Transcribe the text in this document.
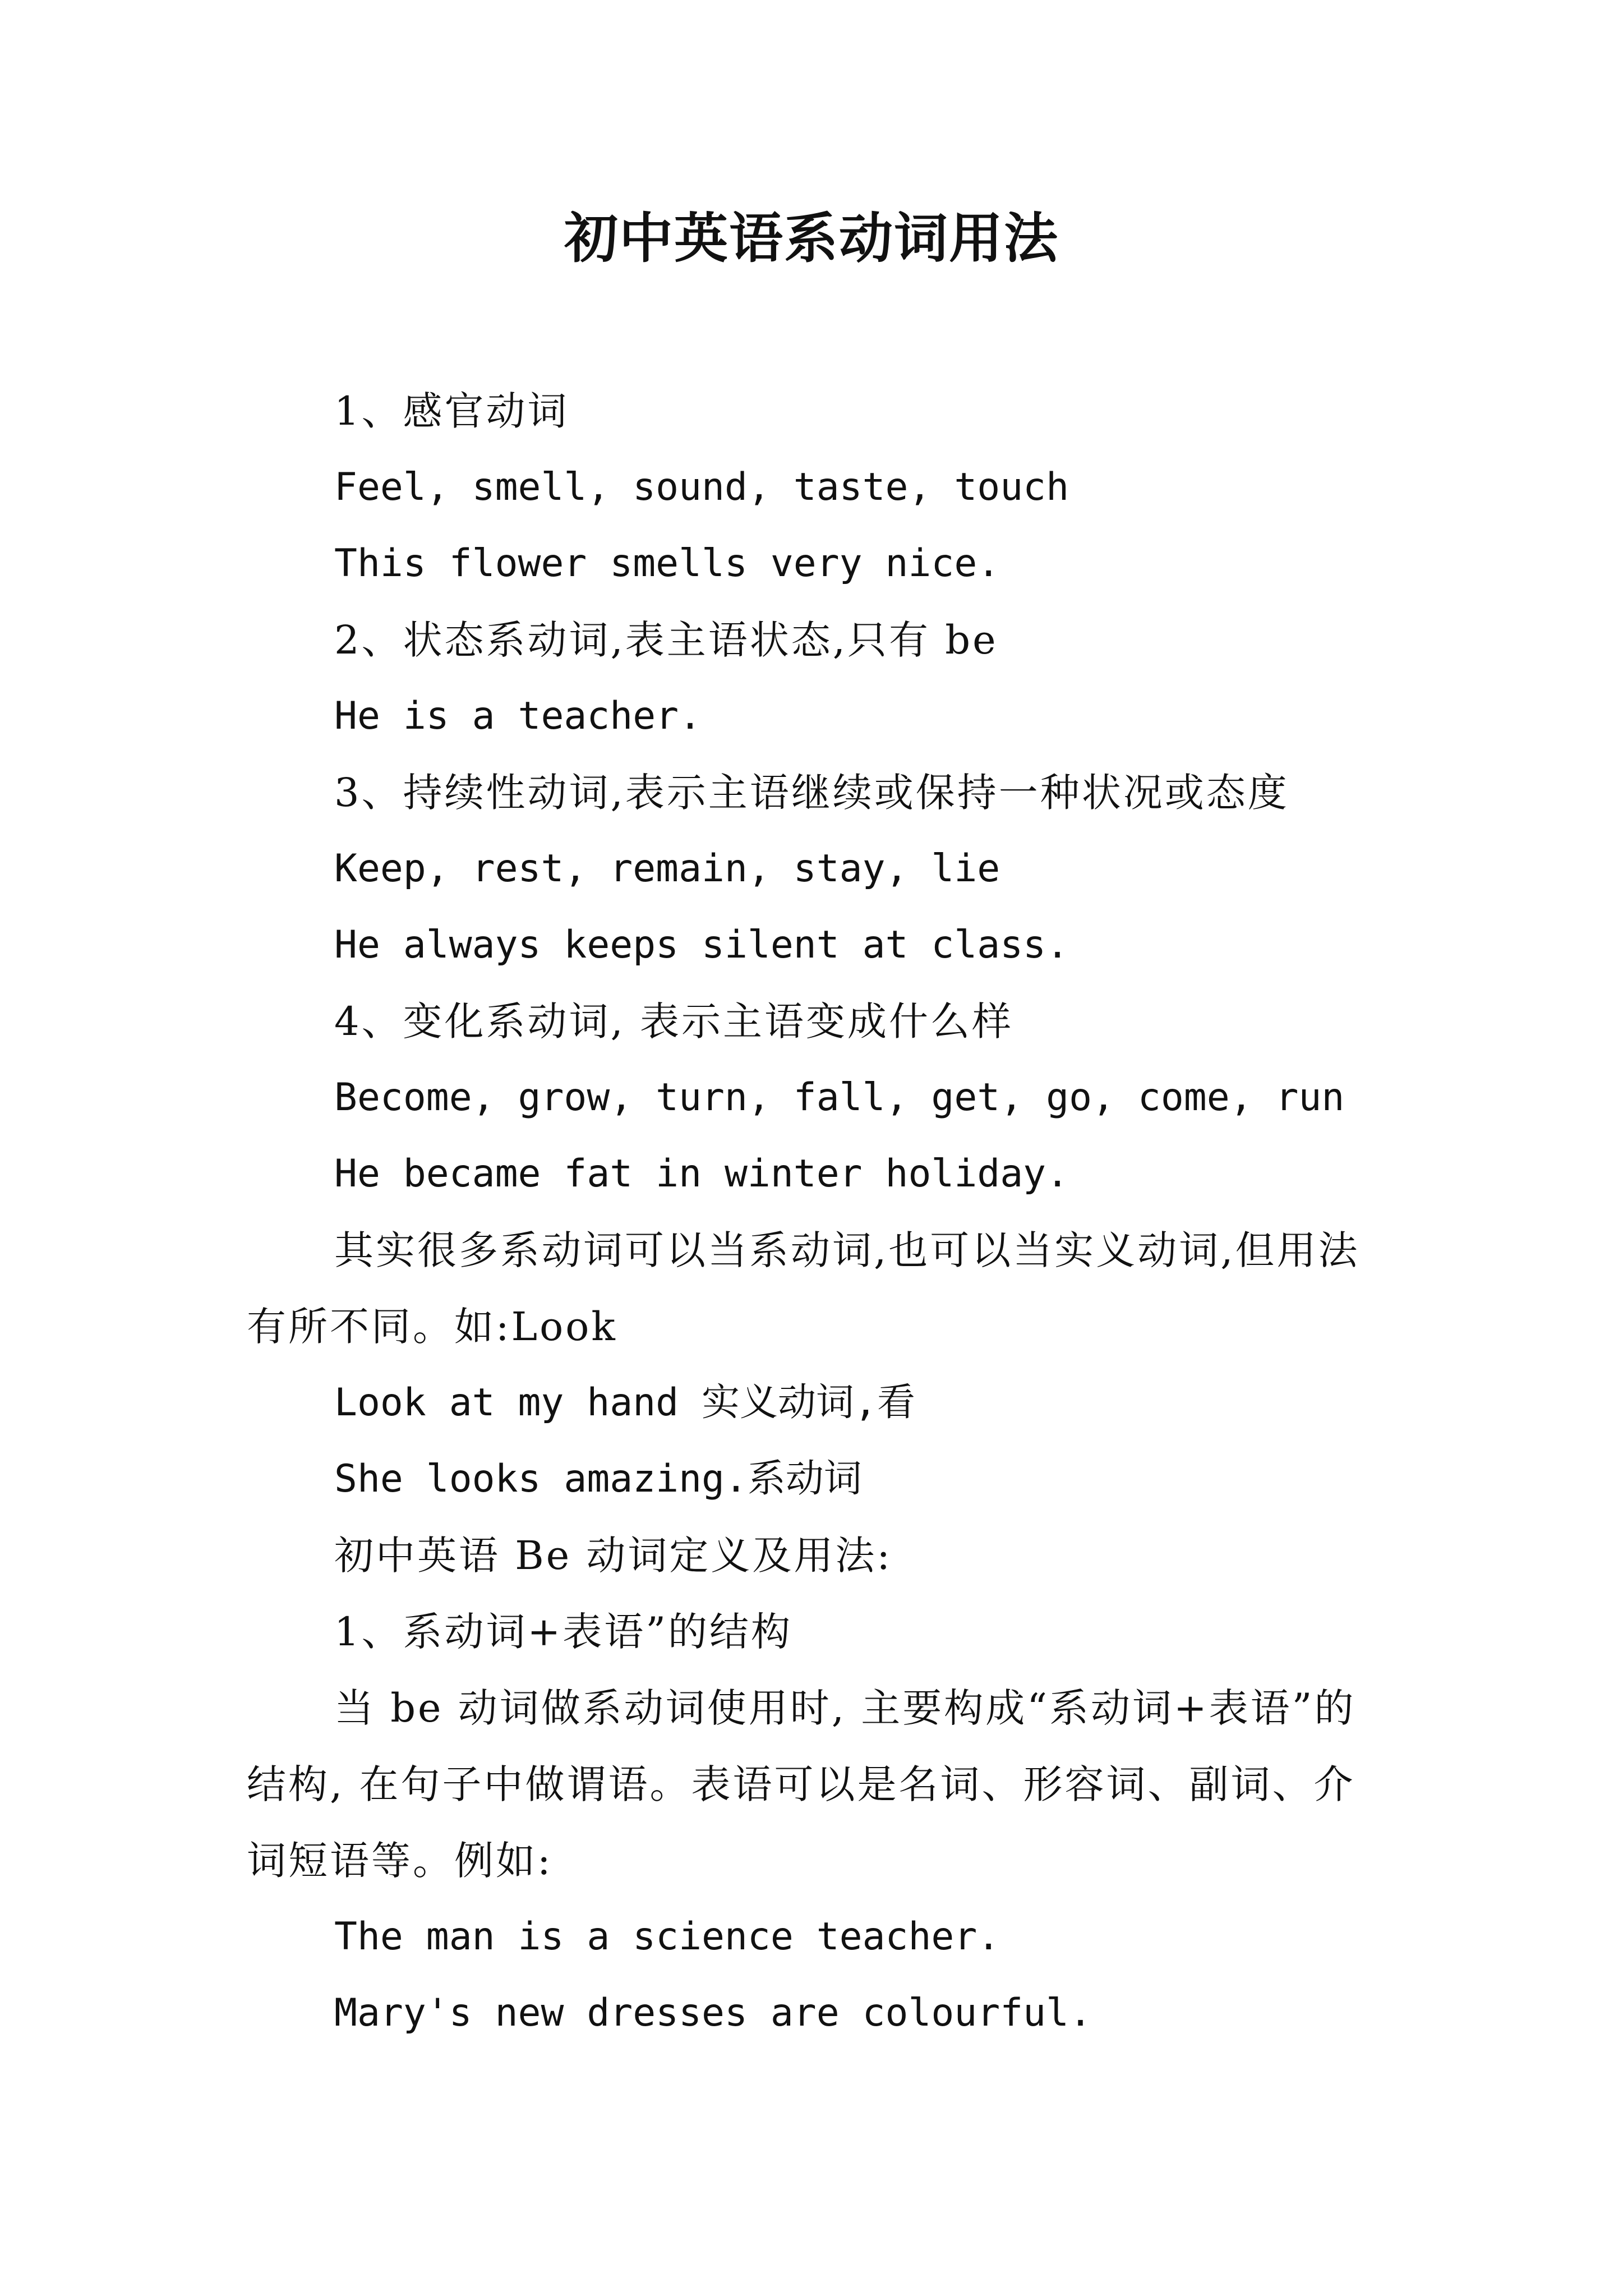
初中英语系动词用法

1、感官动词

Feel, smell, sound, taste, touch

This flower smells very nice.

2、状态系动词,表主语状态,只有 be

He is a teacher.

3、持续性动词,表示主语继续或保持一种状况或态度

Keep, rest, remain, stay, lie

He always keeps silent at class.

4、变化系动词, 表示主语变成什么样

Become, grow, turn, fall, get, go, come, run

He became fat in winter holiday.

其实很多系动词可以当系动词,也可以当实义动词,但用法有所不同。如:Look

Look at my hand 实义动词,看

She looks amazing.系动词

初中英语 Be 动词定义及用法:

1、系动词+表语”的结构

当 be 动词做系动词使用时, 主要构成“系动词+表语”的结构, 在句子中做谓语。表语可以是名词、形容词、副词、介词短语等。例如:

The man is a science teacher.

Mary's new dresses are colourful.
